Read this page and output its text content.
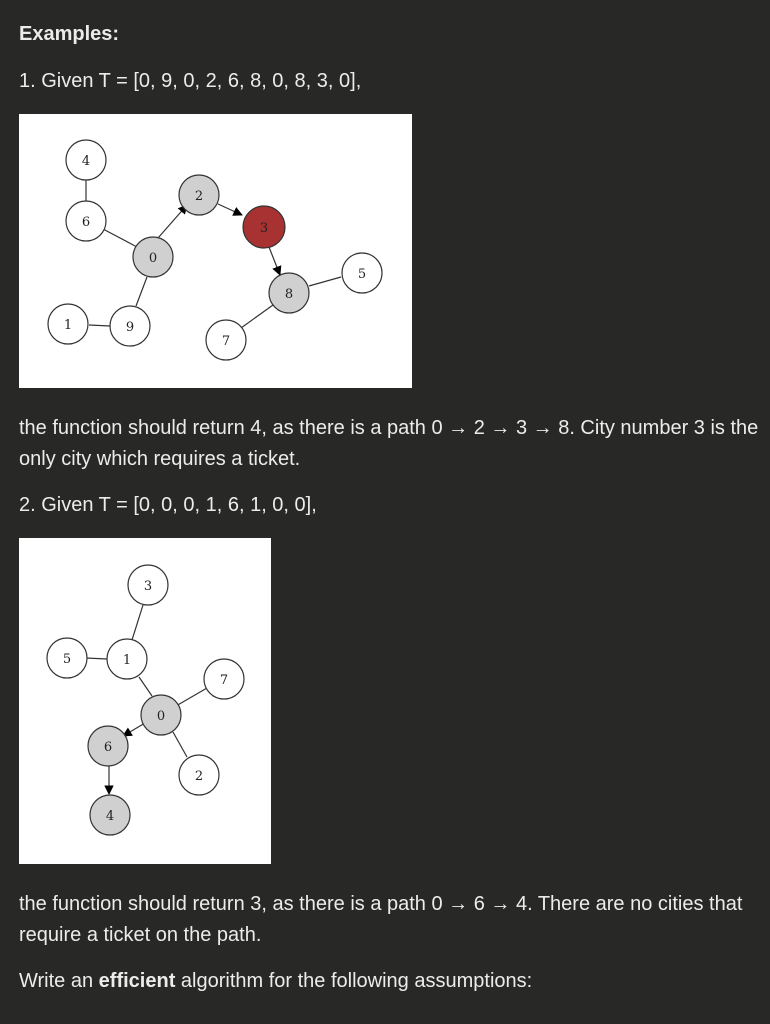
Examples:

1. Given T = [0, 9, 0, 2, 6, 8, 0, 8, 3, 0],

4
6
2
3
0
5
8
1	9
7

the function should return 4, as there is a path 0 → 2 → 3 → 8. City number 3 is the only city which requires a ticket.

2. Given T = [0, 0, 0, 1, 6, 1, 0, 0],

3
5	1
7
0
6
2
4

the function should return 3, as there is a path 0 → 6 → 4. There are no cities that require a ticket on the path.

Write an efficient algorithm for the following assumptions:
